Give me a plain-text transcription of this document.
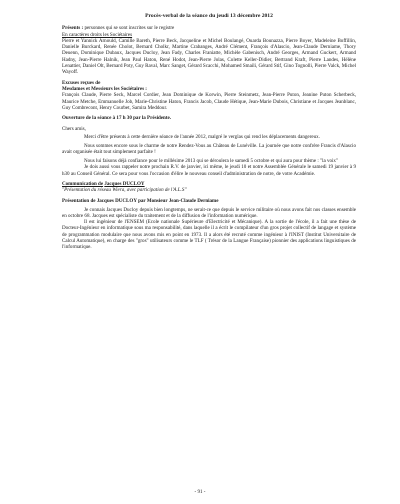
Procès-verbal de la séance du jeudi 13 décembre 2012

Présents : personnes qui se sont inscrites sur le registre

En caractères droits les Sociétaires

Pierre et Yannick Arnould, Camille Bareth, Pierre Beck, Jacqueline et Michel Boulangé, Ouarda Bounazza, Pierre Boyer, Madeleine Boffillin, Danielle Burckard, Renée Cholot, Bernard Cholkr, Martine Crabanges, André Clément, François d'Alascio, Jean-Claude Derniame, Thory Deuenn, Dominique Dubaux, Jacques Ducloy, Jean Fady, Charles Franiatte, Michèle Gabenisch, André Georges, Armand Guckert, Armand Hadny, Jean-Pierre Halnik, Jean Paul Haton, René Hodot, Jean-Pierre Jolas, Colette Keller-Didier, Bertrand Kraft, Pierre Landes, Hélène Lenattier, Daniel Olt, Bernard Poty, Guy Raval, Marc Sanget, Gérard Scacchi, Mohamed Smaili, Gérard Stif, Gino Tognolli, Pierre Valck, Michel Wayoff.

Excuses reçues de

Mesdames et Messieurs les Sociétaires :

François Claude, Pierre Seck, Marcel Cordier, Jean Dominique de Korwin, Pierre Steinmetz, Jean-Pierre Puton, Jeanine Puton Scherbeck, Maurice Metche, Emmanuelle Job, Marie-Christine Haton, Francis Jacob, Claude Hétique, Jean-Marie Dubois, Christiane et Jacques Jeanblanc, Guy Combrecont, Henry Courbet, Samira Meddour.

Ouverture de la séance à 17 h 30 par la Présidente.

Chers amis,

Merci d'être présents à cette dernière séance de l'année 2012, malgré le verglas qui rend les déplacements dangereux.

Nous sommes encore sous le charme de notre Rendez-Vous au Château de Lunéville. La journée que notre confrère Francis d'Alascio avait organisée était tout simplement parfaite !

Nous lui faisons déjà confiance pour le millésime 2013 qui se déroulera le samedi 5 octobre et qui aura pour thème : "la voix"

Je dois aussi vous rappeler notre prochain R.V. de janvier, ici même, le jeudi 10 et notre Assemblée Générale le samedi 19 janvier à 9 h30 au Conseil Général. Ce sera pour vous l'occasion d'élire le nouveau conseil d'administration de notre, de votre Académie.

Communication de Jacques DUCLOY

"Présentation du réseau Wiera, avec participation de l'A.L.S"

Présentation de Jacques DUCLOY par Monsieur Jean-Claude Derniame

Je connais Jacques Ducloy depuis bien longtemps, ne serait-ce que depuis le service militaire où nous avons fait nos classes ensemble en octobre 68. Jacques est spécialiste du traitement et de la diffusion de l'information numérique.

Il est ingénieur de l'ENSEM (Ecole nationale Supérieure d'Electricité et Mécanique). A la sortie de l'école, il a fait une thèse de Docteur-Ingénieur en informatique sous ma responsabilité, dans laquelle il a écrit le compilateur d'un gros projet collectif de langage et système de programmation modulaire que nous avons mis en point en 1973. Il a alors été recruté comme ingénieur à l'INIST (Institut Universitaire de Calcul Automatique), en charge des "gros" utilisateurs comme le TLF ( Trésor de la Langue Française) pionnier des applications linguistiques de l'informatique.

- 91 -
